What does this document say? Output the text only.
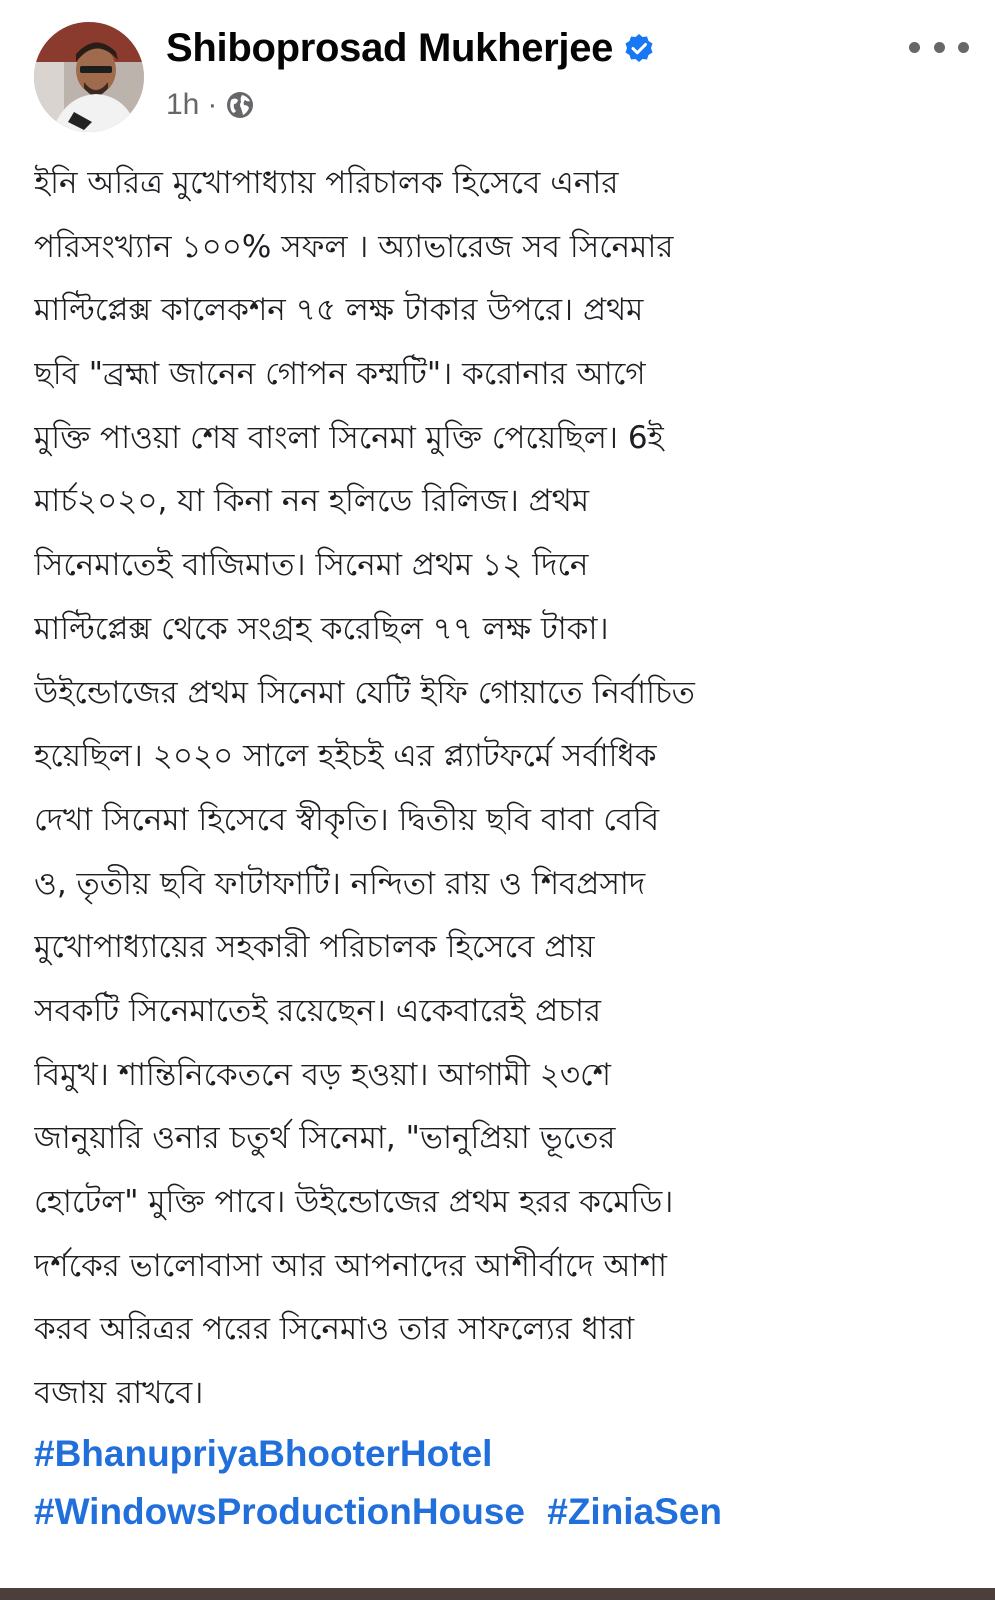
Shiboprosad Mukherjee
1h ·
ইনি অরিত্র মুখোপাধ্যায় পরিচালক হিসেবে এনার
পরিসংখ্যান ১০০% সফল । অ্যাভারেজ সব সিনেমার
মাল্টিপ্লেক্স কালেকশন ৭৫ লক্ষ টাকার উপরে। প্রথম
ছবি "ব্রহ্মা জানেন গোপন কম্মটি"। করোনার আগে
মুক্তি পাওয়া শেষ বাংলা সিনেমা মুক্তি পেয়েছিল। 6ই
মার্চ২০২০, যা কিনা নন হলিডে রিলিজ। প্রথম
সিনেমাতেই বাজিমাত। সিনেমা প্রথম ১২ দিনে
মাল্টিপ্লেক্স থেকে সংগ্রহ করেছিল ৭৭ লক্ষ টাকা।
উইন্ডোজের প্রথম সিনেমা যেটি ইফি গোয়াতে নির্বাচিত
হয়েছিল। ২০২০ সালে হইচই এর প্ল্যাটফর্মে সর্বাধিক
দেখা সিনেমা হিসেবে স্বীকৃতি। দ্বিতীয় ছবি বাবা বেবি
ও, তৃতীয় ছবি ফাটাফাটি। নন্দিতা রায় ও শিবপ্রসাদ
মুখোপাধ্যায়ের সহকারী পরিচালক হিসেবে প্রায়
সবকটি সিনেমাতেই রয়েছেন। একেবারেই প্রচার
বিমুখ। শান্তিনিকেতনে বড় হওয়া। আগামী ২৩শে
জানুয়ারি ওনার চতুর্থ সিনেমা, "ভানুপ্রিয়া ভূতের
হোটেল" মুক্তি পাবে। উইন্ডোজের প্রথম হরর কমেডি।
দর্শকের ভালোবাসা আর আপনাদের আশীর্বাদে আশা
করব অরিত্রর পরের সিনেমাও তার সাফল্যের ধারা
বজায় রাখবে।
#BhanupriyaBhooterHotel
#WindowsProductionHouse #ZiniaSen
